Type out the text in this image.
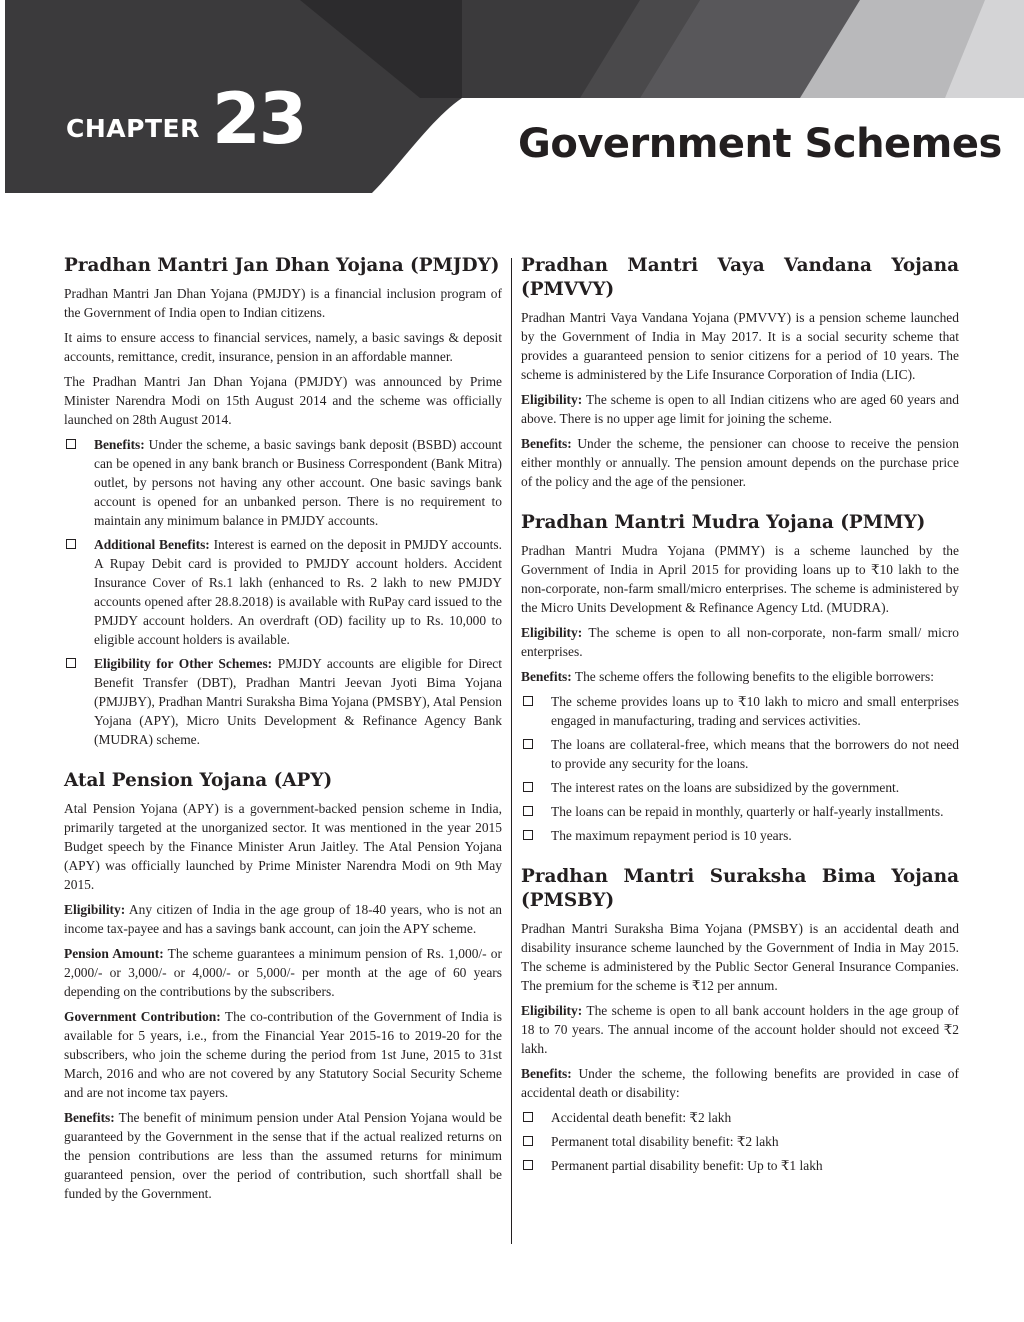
CHAPTER 23	Government Schemes
Pradhan Mantri Jan Dhan Yojana (PMJDY)

Pradhan Mantri Jan Dhan Yojana (PMJDY) is a financial inclusion program of the Government of India open to Indian citizens.

It aims to ensure access to financial services, namely, a basic savings & deposit accounts, remittance, credit, insurance, pension in an affordable manner.

The Pradhan Mantri Jan Dhan Yojana (PMJDY) was announced by Prime Minister Narendra Modi on 15th August 2014 and the scheme was officially launched on 28th August 2014.

Benefits: Under the scheme, a basic savings bank deposit (BSBD) account can be opened in any bank branch or Business Correspondent (Bank Mitra) outlet, by persons not having any other account. One basic savings bank account is opened for an unbanked person. There is no requirement to maintain any minimum balance in PMJDY accounts.
Additional Benefits: Interest is earned on the deposit in PMJDY accounts. A Rupay Debit card is provided to PMJDY account holders. Accident Insurance Cover of Rs.1 lakh (enhanced to Rs. 2 lakh to new PMJDY accounts opened after 28.8.2018) is available with RuPay card issued to the PMJDY account holders. An overdraft (OD) facility up to Rs. 10,000 to eligible account holders is available.
Eligibility for Other Schemes: PMJDY accounts are eligible for Direct Benefit Transfer (DBT), Pradhan Mantri Jeevan Jyoti Bima Yojana (PMJJBY), Pradhan Mantri Suraksha Bima Yojana (PMSBY), Atal Pension Yojana (APY), Micro Units Development & Refinance Agency Bank (MUDRA) scheme.
Atal Pension Yojana (APY)

Atal Pension Yojana (APY) is a government-backed pension scheme in India, primarily targeted at the unorganized sector. It was mentioned in the year 2015 Budget speech by the Finance Minister Arun Jaitley. The Atal Pension Yojana (APY) was officially launched by Prime Minister Narendra Modi on 9th May 2015.

Eligibility: Any citizen of India in the age group of 18-40 years, who is not an income tax-payee and has a savings bank account, can join the APY scheme.

Pension Amount: The scheme guarantees a minimum pension of Rs. 1,000/- or 2,000/- or 3,000/- or 4,000/- or 5,000/- per month at the age of 60 years depending on the contributions by the subscribers.

Government Contribution: The co-contribution of the Government of India is available for 5 years, i.e., from the Financial Year 2015-16 to 2019-20 for the subscribers, who join the scheme during the period from 1st June, 2015 to 31st March, 2016 and who are not covered by any Statutory Social Security Scheme and are not income tax payers.

Benefits: The benefit of minimum pension under Atal Pension Yojana would be guaranteed by the Government in the sense that if the actual realized returns on the pension contributions are less than the assumed returns for minimum guaranteed pension, over the period of contribution, such shortfall shall be funded by the Government.

Pradhan Mantri Vaya Vandana Yojana (PMVVY)

Pradhan Mantri Vaya Vandana Yojana (PMVVY) is a pension scheme launched by the Government of India in May 2017. It is a social security scheme that provides a guaranteed pension to senior citizens for a period of 10 years. The scheme is administered by the Life Insurance Corporation of India (LIC).

Eligibility: The scheme is open to all Indian citizens who are aged 60 years and above. There is no upper age limit for joining the scheme.

Benefits: Under the scheme, the pensioner can choose to receive the pension either monthly or annually. The pension amount depends on the purchase price of the policy and the age of the pensioner.

Pradhan Mantri Mudra Yojana (PMMY)

Pradhan Mantri Mudra Yojana (PMMY) is a scheme launched by the Government of India in April 2015 for providing loans up to ₹10 lakh to the non-corporate, non-farm small/micro enterprises. The scheme is administered by the Micro Units Development & Refinance Agency Ltd. (MUDRA).

Eligibility: The scheme is open to all non-corporate, non-farm small/ micro enterprises.

Benefits: The scheme offers the following benefits to the eligible borrowers:

The scheme provides loans up to ₹10 lakh to micro and small enterprises engaged in manufacturing, trading and services activities.
The loans are collateral-free, which means that the borrowers do not need to provide any security for the loans.
The interest rates on the loans are subsidized by the government.
The loans can be repaid in monthly, quarterly or half-yearly installments.
The maximum repayment period is 10 years.
Pradhan Mantri Suraksha Bima Yojana (PMSBY)

Pradhan Mantri Suraksha Bima Yojana (PMSBY) is an accidental death and disability insurance scheme launched by the Government of India in May 2015. The scheme is administered by the Public Sector General Insurance Companies. The premium for the scheme is ₹12 per annum.

Eligibility: The scheme is open to all bank account holders in the age group of 18 to 70 years. The annual income of the account holder should not exceed ₹2 lakh.

Benefits: Under the scheme, the following benefits are provided in case of accidental death or disability:

Accidental death benefit: ₹2 lakh
Permanent total disability benefit: ₹2 lakh
Permanent partial disability benefit: Up to ₹1 lakh
